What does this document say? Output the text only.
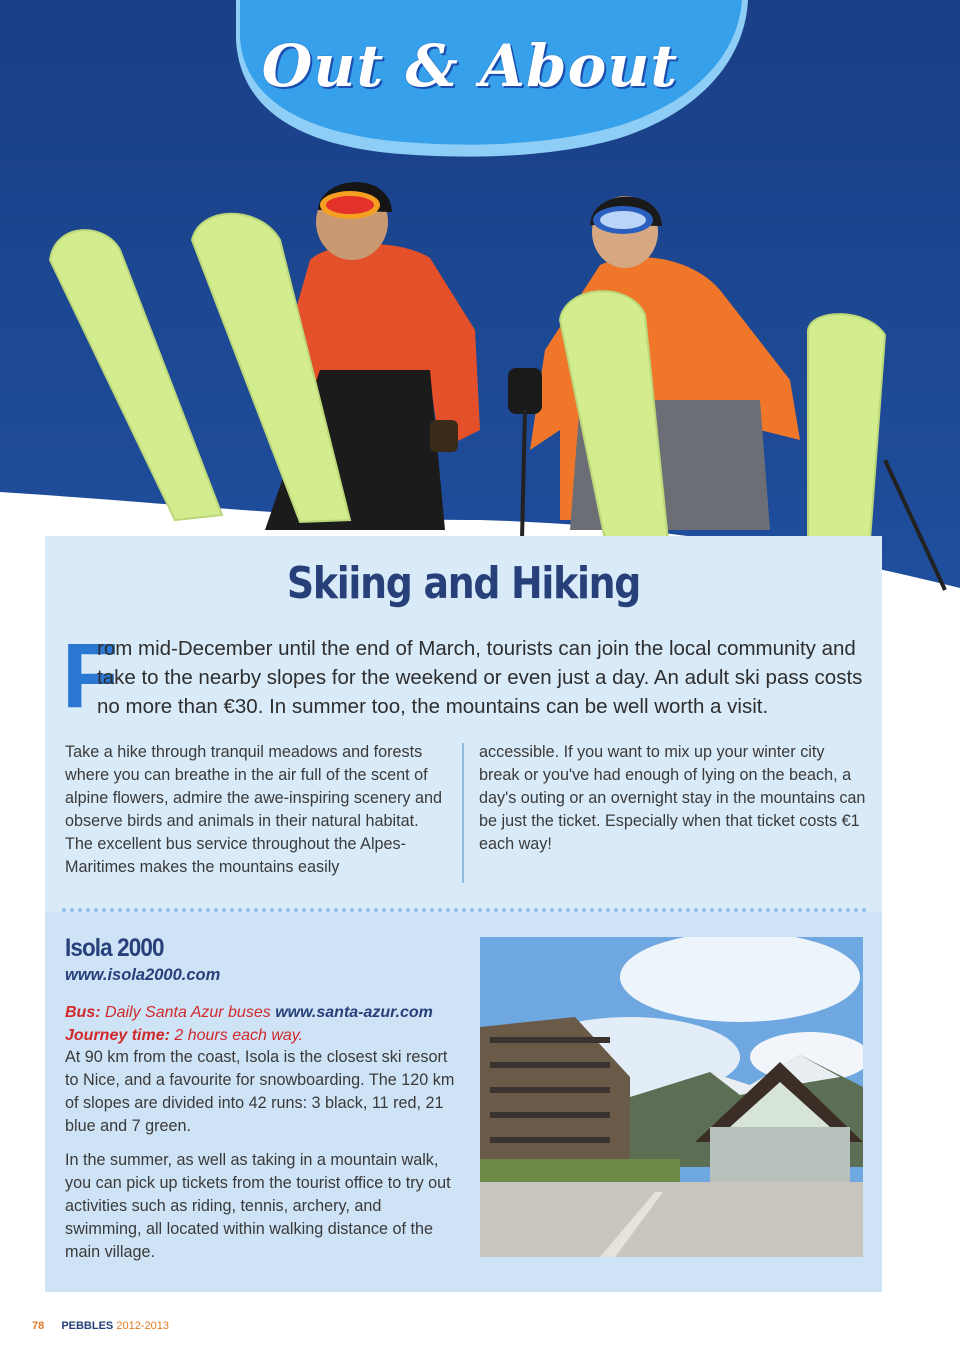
Out & About
Skiing and Hiking
F

rom mid-December until the end of March, tourists can join the local community and take to the nearby slopes for the weekend or even just a day. An adult ski pass costs no more than €30. In summer too, the mountains can be well worth a visit.

Take a hike through tranquil meadows and forests where you can breathe in the air full of the scent of alpine flowers, admire the awe-inspiring scenery and observe birds and animals in their natural habitat. The excellent bus service throughout the Alpes-Maritimes makes the mountains easily

accessible. If you want to mix up your winter city break or you've had enough of lying on the beach, a day's outing or an overnight stay in the mountains can be just the ticket. Especially when that ticket costs €1 each way!

Isola 2000
www.isola2000.com

Bus: Daily Santa Azur buses www.santa-azur.com
Journey time: 2 hours each way.

At 90 km from the coast, Isola is the closest ski resort to Nice, and a favourite for snowboarding. The 120 km of slopes are divided into 42 runs: 3 black, 11 red, 21 blue and 7 green.

In the summer, as well as taking in a mountain walk, you can pick up tickets from the tourist office to try out activities such as riding, tennis, archery, and swimming, all located within walking distance of the main village.

78 PEBBLES 2012-2013
